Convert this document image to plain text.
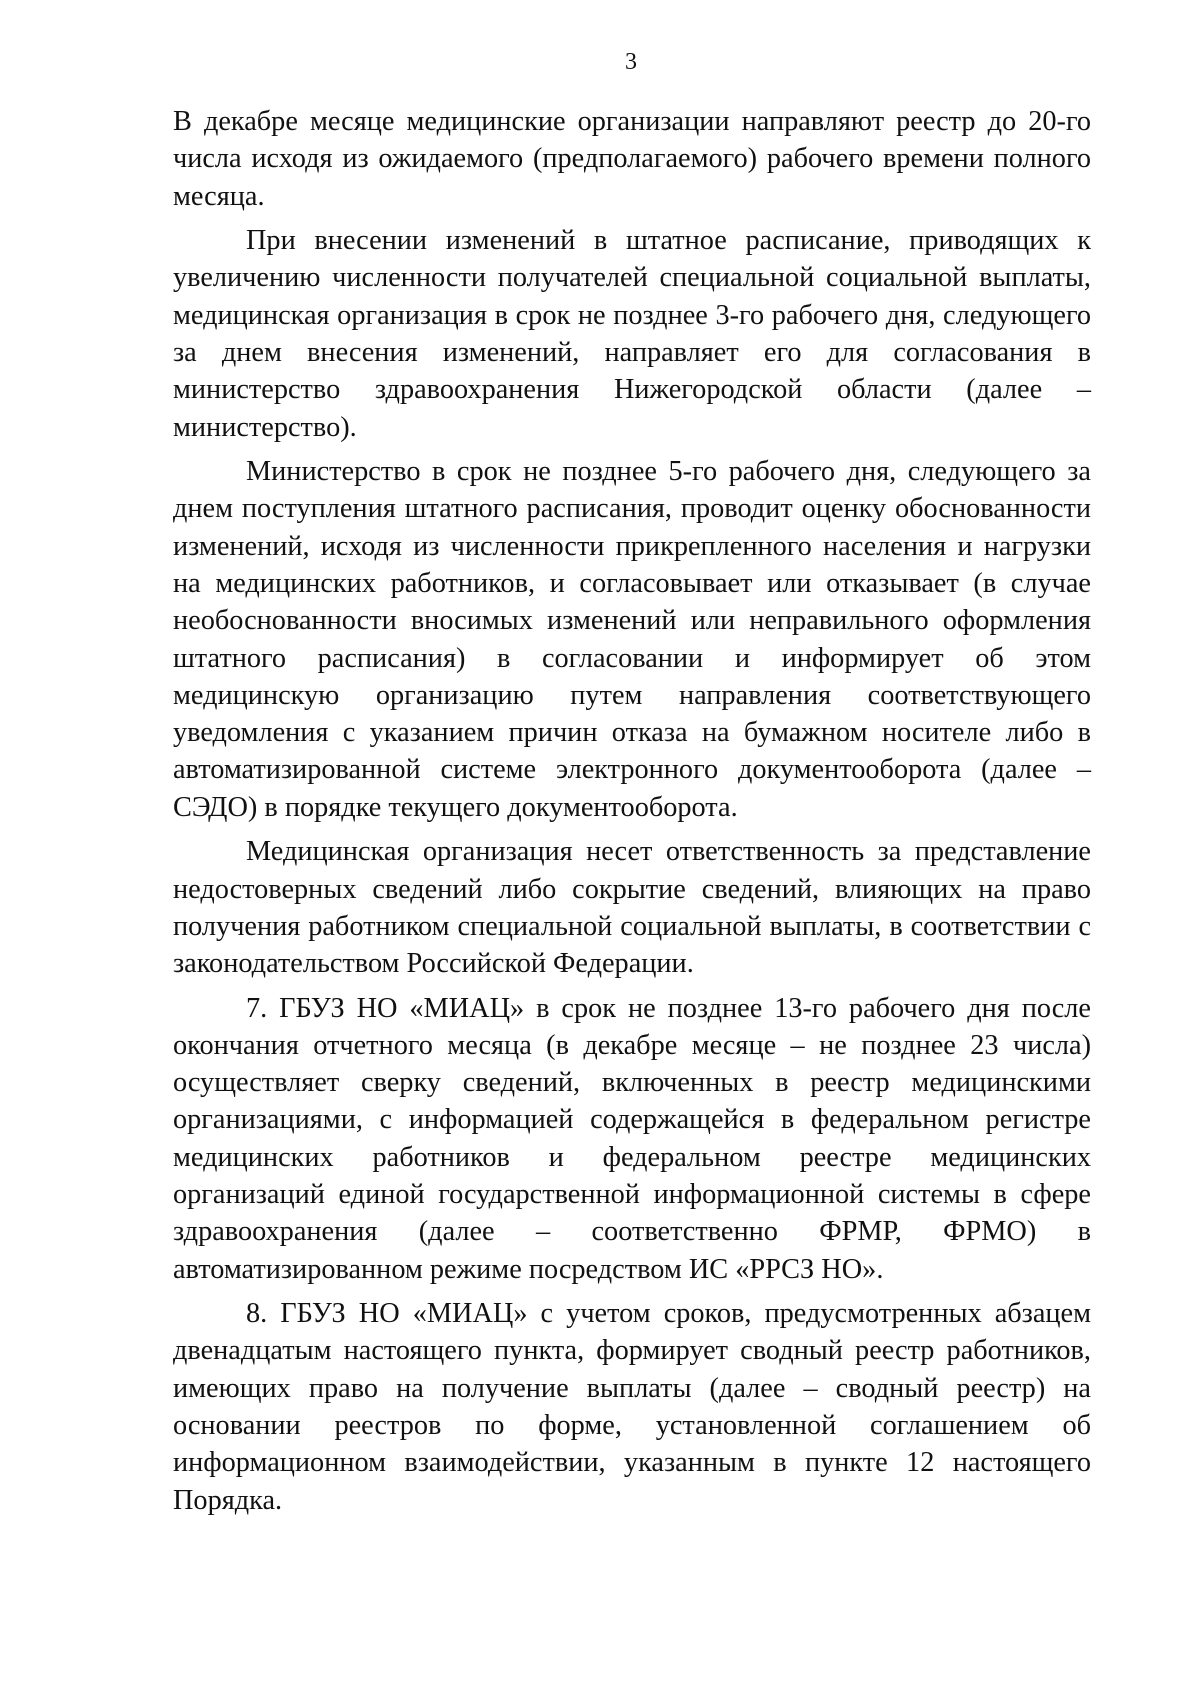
3

В декабре месяце медицинские организации направляют реестр до 20-го числа исходя из ожидаемого (предполагаемого) рабочего времени полного месяца.

При внесении изменений в штатное расписание, приводящих к увеличению численности получателей специальной социальной выплаты, медицинская организация в срок не позднее 3-го рабочего дня, следующего за днем внесения изменений, направляет его для согласования в министерство здравоохранения Нижегородской области (далее – министерство).

Министерство в срок не позднее 5-го рабочего дня, следующего за днем поступления штатного расписания, проводит оценку обоснованности изменений, исходя из численности прикрепленного населения и нагрузки на медицинских работников, и согласовывает или отказывает (в случае необоснованности вносимых изменений или неправильного оформления штатного расписания) в согласовании и информирует об этом медицинскую организацию путем направления соответствующего уведомления с указанием причин отказа на бумажном носителе либо в автоматизированной системе электронного документооборота (далее – СЭДО) в порядке текущего документооборота.

Медицинская организация несет ответственность за представление недостоверных сведений либо сокрытие сведений, влияющих на право получения работником специальной социальной выплаты, в соответствии с законодательством Российской Федерации.

7. ГБУЗ НО «МИАЦ» в срок не позднее 13-го рабочего дня после окончания отчетного месяца (в декабре месяце – не позднее 23 числа) осуществляет сверку сведений, включенных в реестр медицинскими организациями, с информацией содержащейся в федеральном регистре медицинских работников и федеральном реестре медицинских организаций единой государственной информационной системы в сфере здравоохранения (далее – соответственно ФРМР, ФРМО) в автоматизированном режиме посредством ИС «РРСЗ НО».

8. ГБУЗ НО «МИАЦ» с учетом сроков, предусмотренных абзацем двенадцатым настоящего пункта, формирует сводный реестр работников, имеющих право на получение выплаты (далее – сводный реестр) на основании реестров по форме, установленной соглашением об информационном взаимодействии, указанным в пункте 12 настоящего Порядка.
